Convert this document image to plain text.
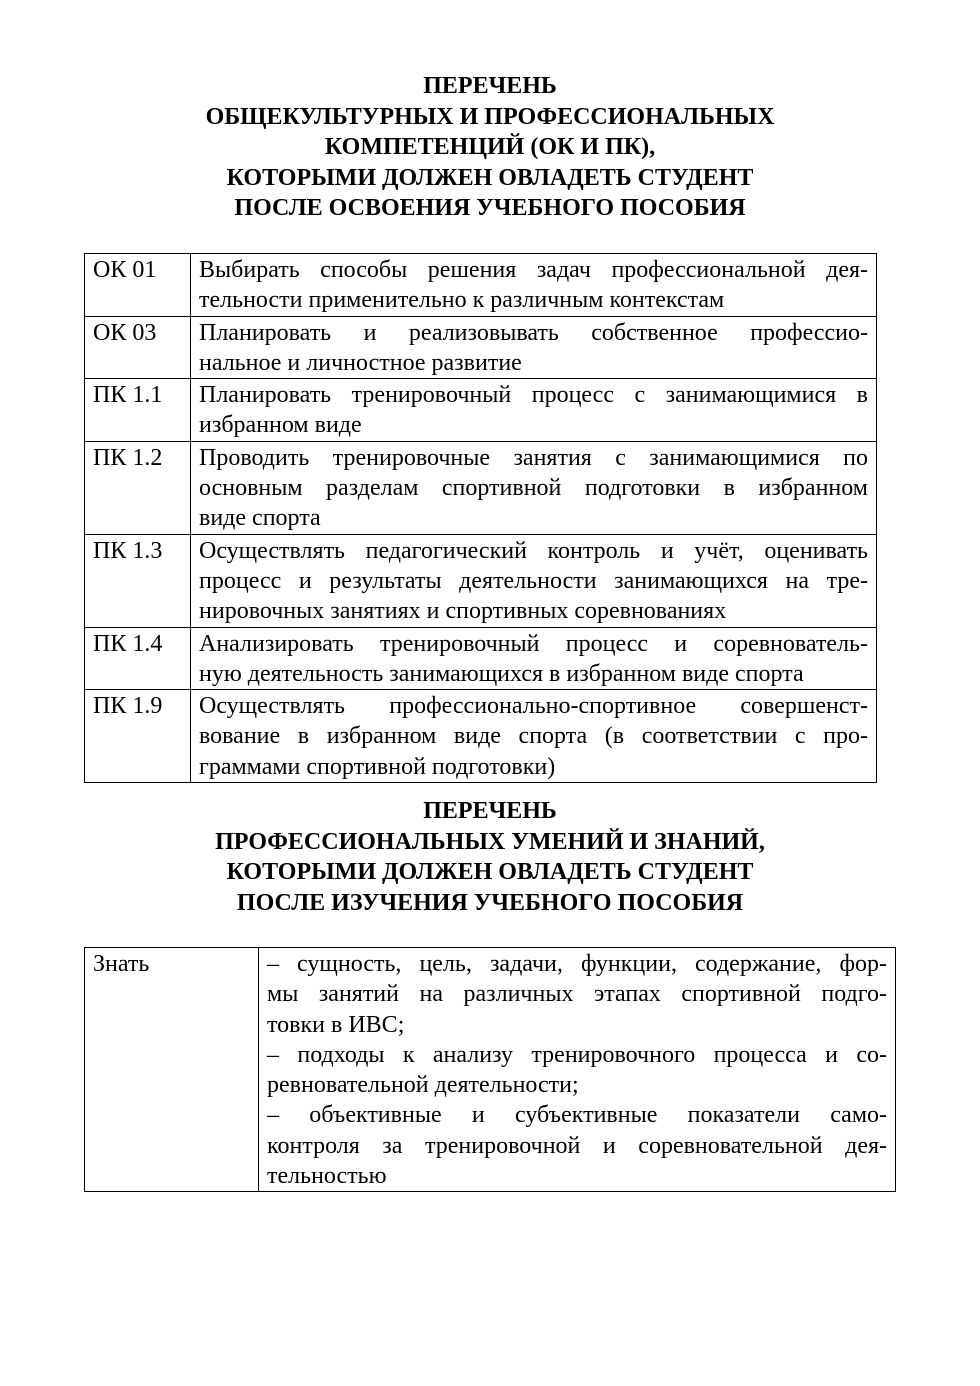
ПЕРЕЧЕНЬ
ОБЩЕКУЛЬТУРНЫХ И ПРОФЕССИОНАЛЬНЫХ
КОМПЕТЕНЦИЙ (ОК И ПК),
КОТОРЫМИ ДОЛЖЕН ОВЛАДЕТЬ СТУДЕНТ
ПОСЛЕ ОСВОЕНИЯ УЧЕБНОГО ПОСОБИЯ
ОК 01	Выбирать способы решения задач профессиональной дея-
тельности применительно к различным контекстам

ОК 03	Планировать и реализовывать собственное профессио-
нальное и личностное развитие

ПК 1.1	Планировать тренировочный процесс с занимающимися в
избранном виде

ПК 1.2	Проводить тренировочные занятия с занимающимися по
основным разделам спортивной подготовки в избранном
виде спорта

ПК 1.3	Осуществлять педагогический контроль и учёт, оценивать
процесс и результаты деятельности занимающихся на тре-
нировочных занятиях и спортивных соревнованиях

ПК 1.4	Анализировать тренировочный процесс и соревнователь-
ную деятельность занимающихся в избранном виде спорта

ПК 1.9	Осуществлять профессионально-спортивное совершенст-
вование в избранном виде спорта (в соответствии с про-
граммами спортивной подготовки)
ПЕРЕЧЕНЬ
ПРОФЕССИОНАЛЬНЫХ УМЕНИЙ И ЗНАНИЙ,
КОТОРЫМИ ДОЛЖЕН ОВЛАДЕТЬ СТУДЕНТ
ПОСЛЕ ИЗУЧЕНИЯ УЧЕБНОГО ПОСОБИЯ
Знать	– сущность, цель, задачи, функции, содержание, фор-
мы занятий на различных этапах спортивной подго-
товки в ИВС;
– подходы к анализу тренировочного процесса и со-
ревновательной деятельности;
– объективные и субъективные показатели само-
контроля за тренировочной и соревновательной дея-
тельностью
